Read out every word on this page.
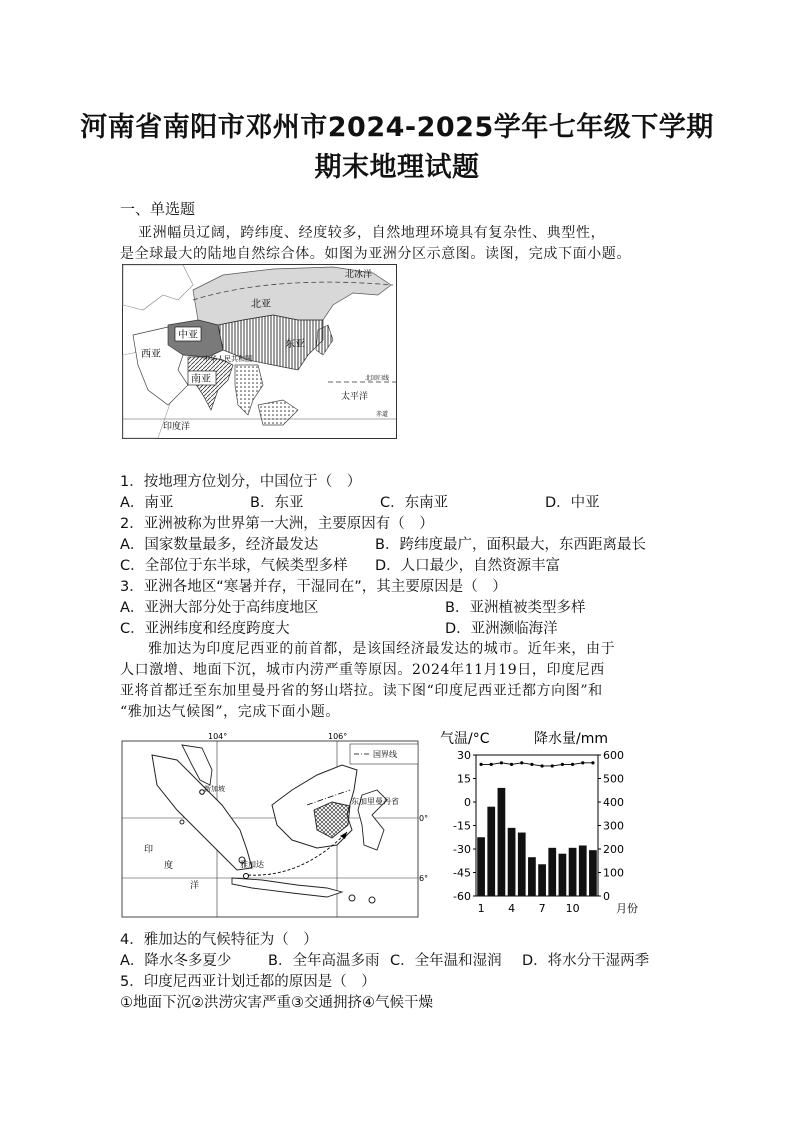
河南省南阳市邓州市2024-2025学年七年级下学期
期末地理试题
一、单选题
亚洲幅员辽阔，跨纬度、经度较多，自然地理环境具有复杂性、典型性，
是全球最大的陆地自然综合体。如图为亚洲分区示意图。读图，完成下面小题。
北冰洋
北亚
中亚
东亚
西亚	中华人民共和国
南亚	北回归线
太平洋
印度洋
赤道
1．按地理方位划分，中国位于（　）
A．南亚	B．东亚	C．东南亚	D．中亚
2．亚洲被称为世界第一大洲，主要原因有（　）
A．国家数量最多，经济最发达	B．跨纬度最广，面积最大，东西距离最长
C．全部位于东半球，气候类型多样 D．人口最少，自然资源丰富
3．亚洲各地区“寒暑并存，干湿同在”，其主要原因是（　）
A．亚洲大部分处于高纬度地区	B．亚洲植被类型多样
C．亚洲纬度和经度跨度大	D．亚洲濒临海洋
雅加达为印度尼西亚的前首都，是该国经济最发达的城市。近年来，由于
人口激增、地面下沉，城市内涝严重等原因。2024年11月19日，印度尼西
亚将首都迁至东加里曼丹省的努山塔拉。读下图“印度尼西亚迁都方向图”和
“雅加达气候图”，完成下面小题。
104°	106°
0°
6°
国界线
新加坡
雅加达
东加里曼丹省
印
度
洋
气温/°C	降水量/mm
30
15
0
-15
-30
-45
-60
600
500
400
300
200
100
0
1 4 7 10	月份
4．雅加达的气候特征为（　）
A．降水冬多夏少	B．全年高温多雨 C．全年温和湿润 D．将水分干湿两季
5．印度尼西亚计划迁都的原因是（　）
①地面下沉②洪涝灾害严重③交通拥挤④气候干燥
